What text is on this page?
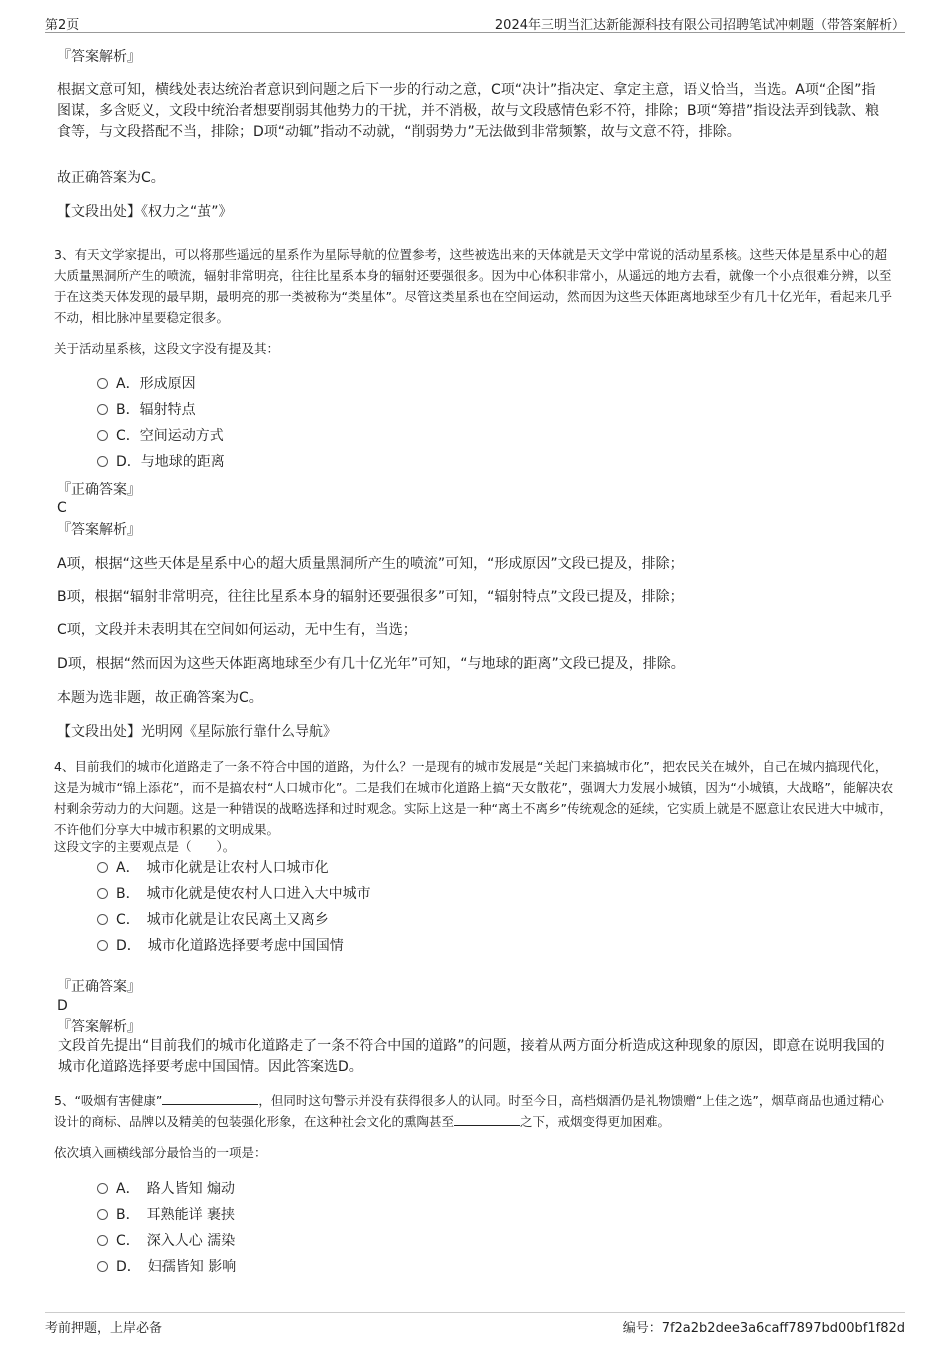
第2页	2024年三明当汇达新能源科技有限公司招聘笔试冲刺题（带答案解析）
『答案解析』
根据文意可知，横线处表达统治者意识到问题之后下一步的行动之意，C项“决计”指决定、拿定主意，语义恰当，当选。A项“企图”指图谋，多含贬义，文段中统治者想要削弱其他势力的干扰，并不消极，故与文段感情色彩不符，排除；B项“筹措”指设法弄到钱款、粮食等，与文段搭配不当，排除；D项“动辄”指动不动就，“削弱势力”无法做到非常频繁，故与文意不符，排除。
故正确答案为C。
【文段出处】《权力之“茧”》
3、有天文学家提出，可以将那些遥远的星系作为星际导航的位置参考，这些被选出来的天体就是天文学中常说的活动星系核。这些天体是星系中心的超大质量黑洞所产生的喷流，辐射非常明亮，往往比星系本身的辐射还要强很多。因为中心体积非常小，从遥远的地方去看，就像一个小点很难分辨，以至于在这类天体发现的最早期，最明亮的那一类被称为“类星体”。尽管这类星系也在空间运动，然而因为这些天体距离地球至少有几十亿光年，看起来几乎不动，相比脉冲星要稳定很多。
关于活动星系核，这段文字没有提及其：
A．形成原因
B．辐射特点
C．空间运动方式
D．与地球的距离
『正确答案』
C
『答案解析』
A项，根据“这些天体是星系中心的超大质量黑洞所产生的喷流”可知，“形成原因”文段已提及，排除；
B项，根据“辐射非常明亮，往往比星系本身的辐射还要强很多”可知，“辐射特点”文段已提及，排除；
C项，文段并未表明其在空间如何运动，无中生有，当选；
D项，根据“然而因为这些天体距离地球至少有几十亿光年”可知，“与地球的距离”文段已提及，排除。
本题为选非题，故正确答案为C。
【文段出处】光明网《星际旅行靠什么导航》
4、目前我们的城市化道路走了一条不符合中国的道路，为什么？一是现有的城市发展是“关起门来搞城市化”，把农民关在城外，自己在城内搞现代化，这是为城市“锦上添花”，而不是搞农村“人口城市化”。二是我们在城市化道路上搞“天女散花”，强调大力发展小城镇，因为“小城镇，大战略”，能解决农村剩余劳动力的大问题。这是一种错误的战略选择和过时观念。实际上这是一种“离土不离乡”传统观念的延续，它实质上就是不愿意让农民进大中城市，不许他们分享大中城市积累的文明成果。
这段文字的主要观点是（　　）。
A．　城市化就是让农村人口城市化
B．　城市化就是使农村人口进入大中城市
C．　城市化就是让农民离土又离乡
D．　城市化道路选择要考虑中国国情
『正确答案』
D
『答案解析』
文段首先提出“目前我们的城市化道路走了一条不符合中国的道路”的问题，接着从两方面分析造成这种现象的原因，即意在说明我国的城市化道路选择要考虑中国国情。因此答案选D。
5、“吸烟有害健康”	，但同时这句警示并没有获得很多人的认同。时至今日，高档烟酒仍是礼物馈赠“上佳之选”，烟草商品也通过精心设计的商标、品牌以及精美的包装强化形象，在这种社会文化的熏陶甚至	之下，戒烟变得更加困难。
依次填入画横线部分最恰当的一项是：
A．　路人皆知 煽动
B．　耳熟能详 裹挟
C．　深入人心 濡染
D．　妇孺皆知 影响
考前押题，上岸必备	编号：7f2a2b2dee3a6caff7897bd00bf1f82d
